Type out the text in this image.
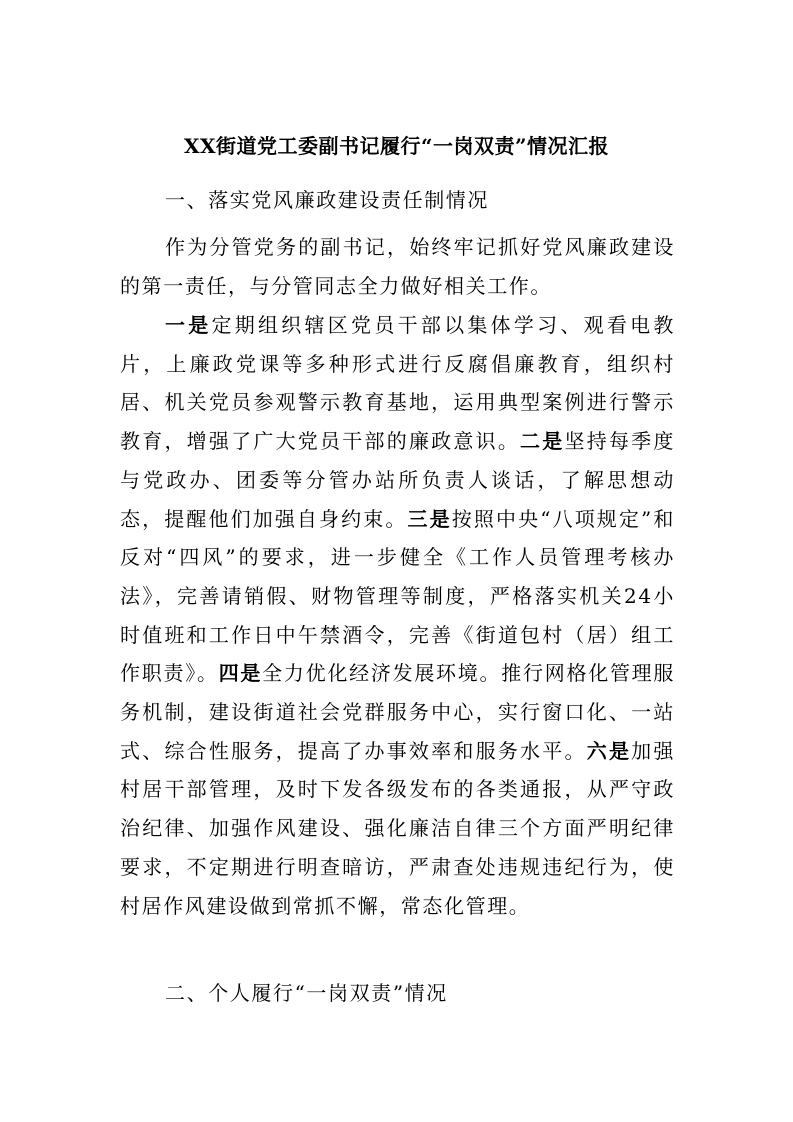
XX街道党工委副书记履行“一岗双责”情况汇报
一、落实党风廉政建设责任制情况
作为分管党务的副书记，始终牢记抓好党风廉政建设的第一责任，与分管同志全力做好相关工作。
一是定期组织辖区党员干部以集体学习、观看电教片，上廉政党课等多种形式进行反腐倡廉教育，组织村居、机关党员参观警示教育基地，运用典型案例进行警示教育，增强了广大党员干部的廉政意识。二是坚持每季度与党政办、团委等分管办站所负责人谈话，了解思想动态，提醒他们加强自身约束。三是按照中央“八项规定”和反对“四风”的要求，进一步健全《工作人员管理考核办法》，完善请销假、财物管理等制度，严格落实机关24小时值班和工作日中午禁酒令，完善《街道包村（居）组工作职责》。四是全力优化经济发展环境。推行网格化管理服务机制，建设街道社会党群服务中心，实行窗口化、一站式、综合性服务，提高了办事效率和服务水平。六是加强村居干部管理，及时下发各级发布的各类通报，从严守政治纪律、加强作风建设、强化廉洁自律三个方面严明纪律要求，不定期进行明查暗访，严肃查处违规违纪行为，使村居作风建设做到常抓不懈，常态化管理。
二、个人履行“一岗双责”情况
